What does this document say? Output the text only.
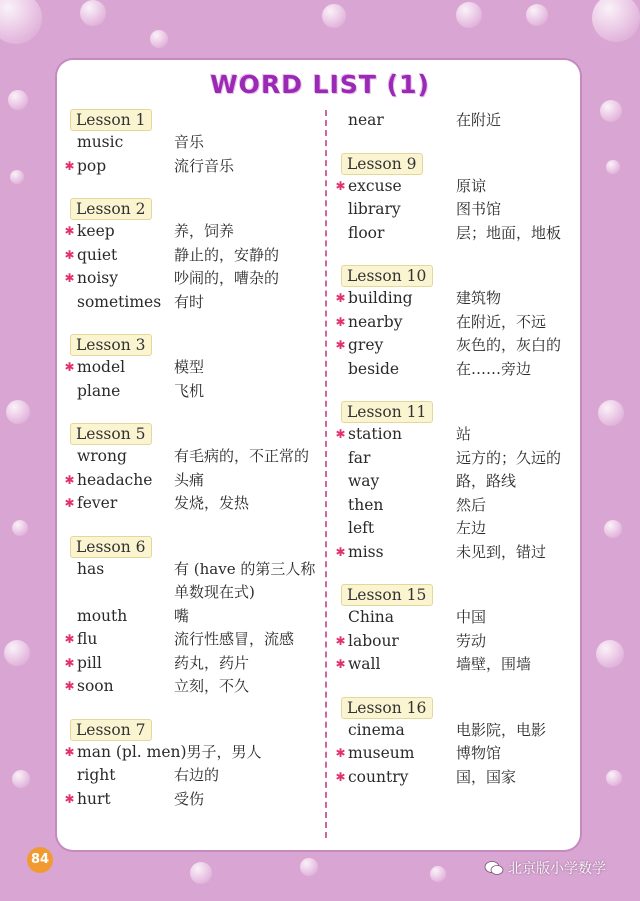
WORD LIST (1)
Lesson 1
music	音乐
✱ pop	流行音乐
Lesson 2
✱ keep	养，饲养
✱ quiet	静止的，安静的
✱ noisy	吵闹的，嘈杂的
sometimes 有时
Lesson 3
✱ model	模型
plane	飞机
Lesson 5
wrong	有毛病的，不正常的
✱ headache	头痛
✱ fever	发烧，发热
Lesson 6
has	有 (have 的第三人称
单数现在式)
mouth	嘴
✱ flu	流行性感冒，流感
✱ pill	药丸，药片
✱ soon	立刻，不久
Lesson 7
✱ man (pl. men) 男子，男人
right	右边的
✱ hurt	受伤
near	在附近
Lesson 9
✱ excuse	原谅
library	图书馆
floor	层；地面，地板
Lesson 10
✱ building	建筑物
✱ nearby	在附近，不远
✱ grey	灰色的，灰白的
beside	在……旁边
Lesson 11
✱ station	站
far	远方的；久远的
way	路，路线
then	然后
left	左边
✱ miss	未见到，错过
Lesson 15
China	中国
✱ labour	劳动
✱ wall	墙壁，围墙
Lesson 16
cinema	电影院，电影
✱ museum	博物馆
✱ country	国，国家
84
北京版小学数学
